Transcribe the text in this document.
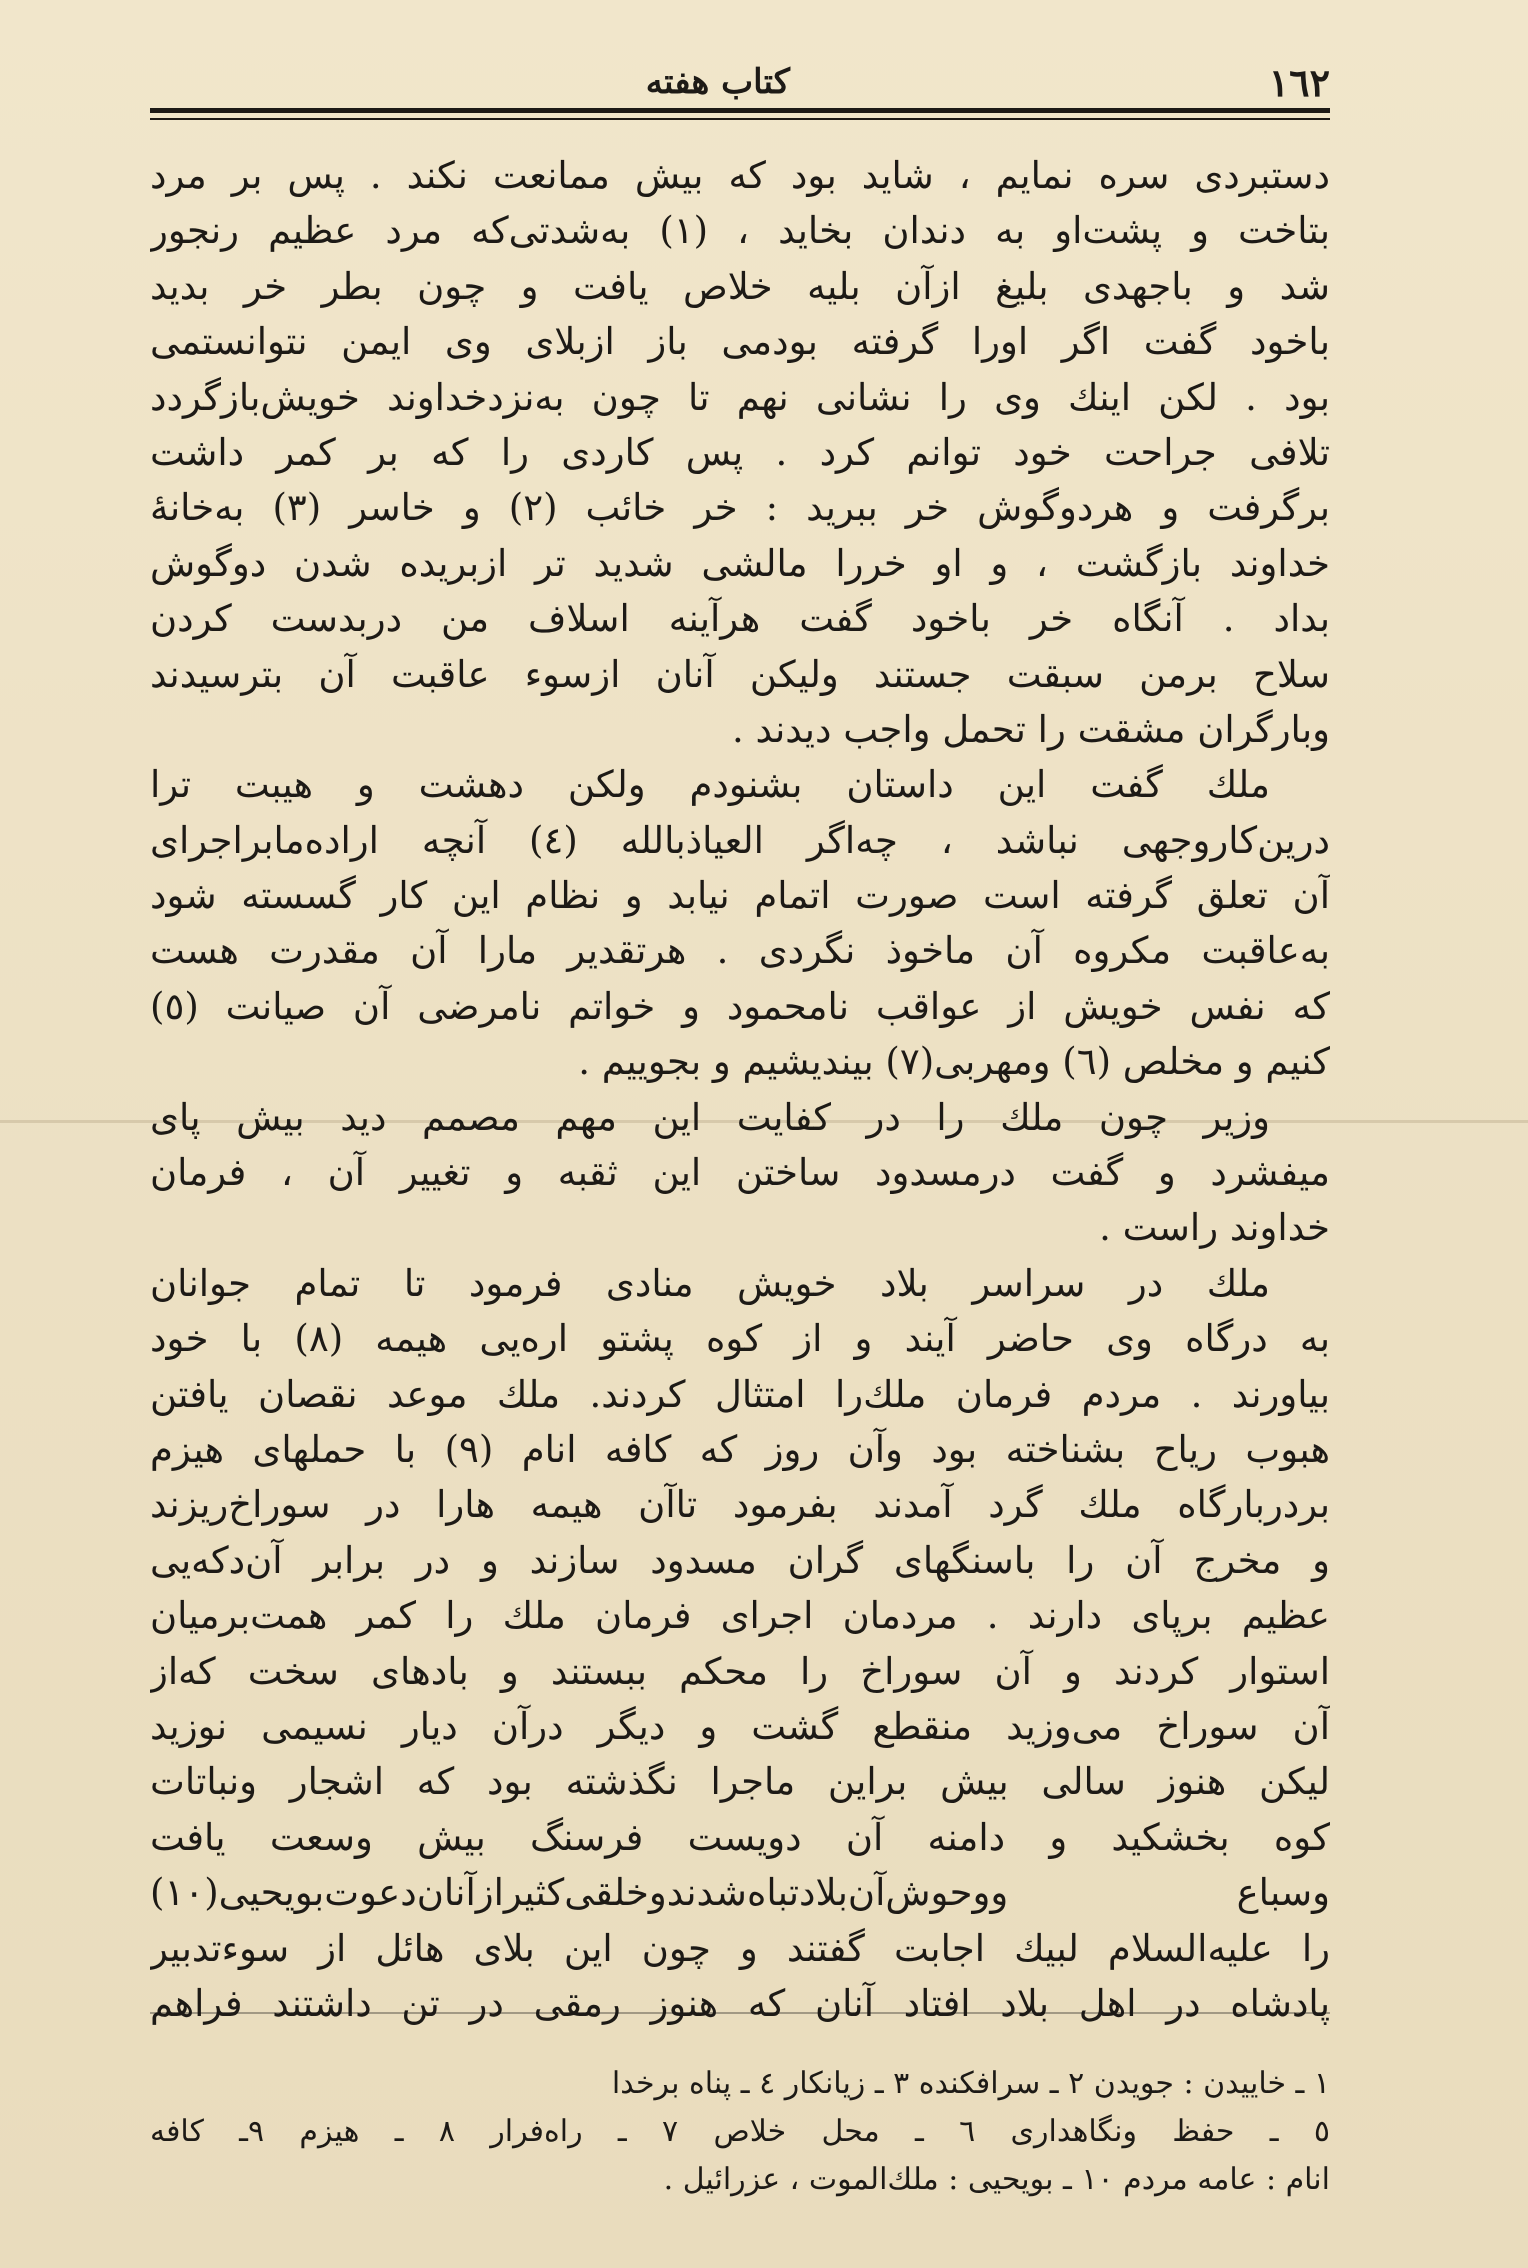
١٦٢
کتاب هفته
دستبردی سره نمایم ، شاید بود که بیش ممانعت نکند . پس بر مرد
بتاخت و پشت‌او به دندان بخاید ، (١) به‌شدتی‌که مرد عظیم رنجور
شد و باجهدی بلیغ ازآن بلیه خلاص یافت و چون بطر خر بدید
باخود گفت اگر اورا گرفته بودمی باز ازبلای وی ایمن نتوانستمی
بود . لکن اینك وی را نشانی نهم تا چون به‌نزدخداوند خویش‌بازگردد
تلافی جراحت خود توانم کرد . پس کاردی را که بر کمر داشت
برگرفت و هردوگوش خر ببرید : خر خائب (٢) و خاسر (٣) به‌خانهٔ
خداوند بازگشت ، و او خررا مالشی شدید تر ازبریده شدن دوگوش
بداد . آنگاه خر باخود گفت هرآینه اسلاف من دربدست کردن
سلاح برمن سبقت جستند ولیکن آنان ازسوء عاقبت آن بترسیدند
وبارگران مشقت را تحمل واجب دیدند .
ملك گفت این داستان بشنودم ولکن دهشت و هیبت ترا
درین‌کاروجهی نباشد ، چه‌اگر العیاذبالله (٤) آنچه اراده‌مابراجرای
آن تعلق گرفته است صورت اتمام نیابد و نظام این کار گسسته شود
به‌عاقبت مکروه آن ماخوذ نگردی . هرتقدیر مارا آن مقدرت هست
که نفس خویش از عواقب نامحمود و خواتم نامرضی آن صیانت (٥)
کنیم و مخلص (٦) ومهربی(٧) بیندیشیم و بجوییم .
وزیر چون ملك را در کفایت این مهم مصمم دید بیش پای
میفشرد و گفت درمسدود ساختن این ثقبه و تغییر آن ، فرمان
خداوند راست .
ملك در سراسر بلاد خویش منادی فرمود تا تمام جوانان
به درگاه وی حاضر آیند و از کوه پشتو اره‌یی هیمه (٨) با خود
بیاورند . مردم فرمان ملك‌را امتثال کردند. ملك موعد نقصان یافتن
هبوب ریاح بشناخته بود وآن روز که کافه انام (٩) با حملهای هیزم
بردربارگاه ملك گرد آمدند بفرمود تاآن هیمه هارا در سوراخ‌ریزند
و مخرج آن را باسنگهای گران مسدود سازند و در برابر آن‌دکه‌یی
عظیم برپای دارند . مردمان اجرای فرمان ملك را کمر همت‌برمیان
استوار کردند و آن سوراخ را محکم ببستند و بادهای سخت که‌از
آن سوراخ می‌وزید منقطع گشت و دیگر درآن دیار نسیمی نوزید
لیکن هنوز سالی بیش براین ماجرا نگذشته بود که اشجار ونباتات
کوه بخشکید و دامنه آن دویست فرسنگ بیش وسعت یافت
وسباع ووحوش‌آن‌بلادتباه‌شدندوخلقی‌کثیرازآنان‌دعوت‌بویحیی(١٠)
را علیه‌السلام لبیك اجابت گفتند و چون این بلای هائل از سوءتدبیر
پادشاه در اهل بلاد افتاد آنان که هنوز رمقی در تن داشتند فراهم
١ ـ خاییدن : جویدن ٢ ـ سرافکنده ٣ ـ زیانکار ٤ ـ پناه برخدا
٥ ـ حفظ ونگاهداری ٦ ـ محل خلاص ٧ ـ راه‌فرار ٨ ـ هیزم ٩ـ کافه
انام : عامه مردم ١٠ ـ بویحیی : ملك‌الموت ، عزرائیل .
